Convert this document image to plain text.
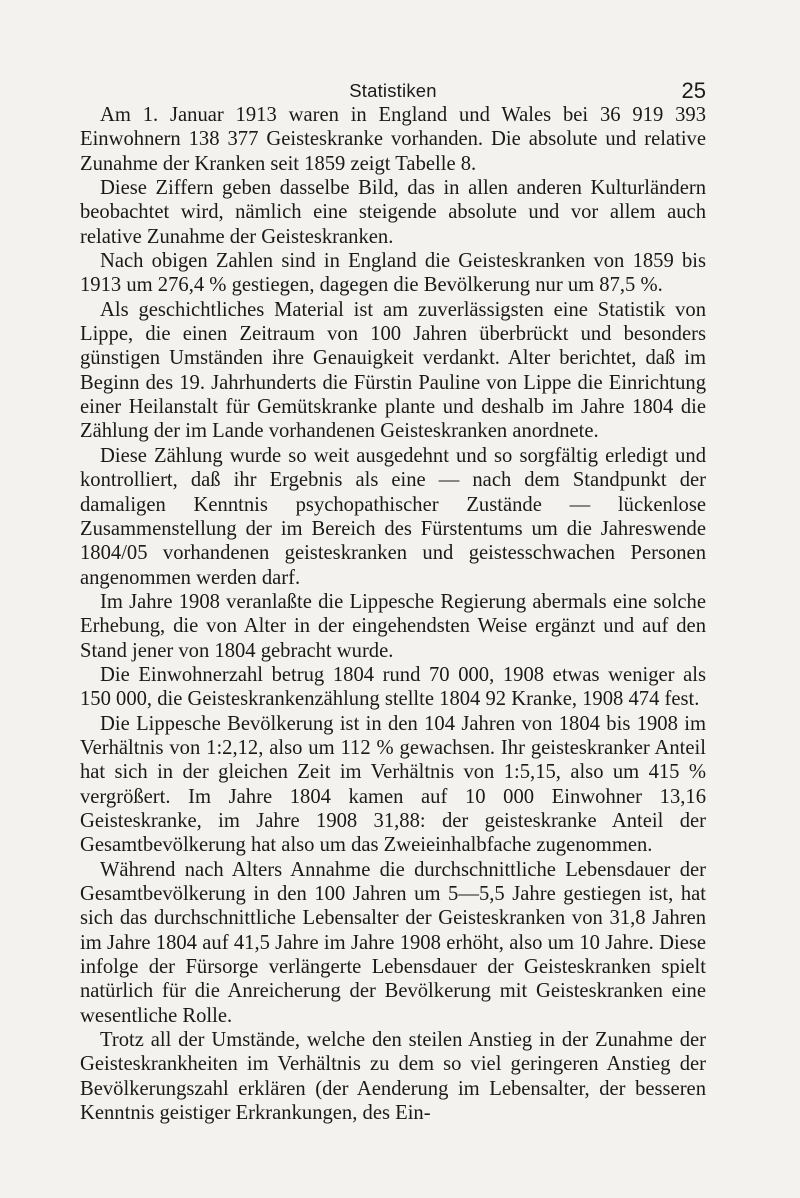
Statistiken	25

Am 1. Januar 1913 waren in England und Wales bei 36 919 393 Einwohnern 138 377 Geisteskranke vorhanden. Die absolute und relative Zunahme der Kranken seit 1859 zeigt Tabelle 8.

Diese Ziffern geben dasselbe Bild, das in allen anderen Kulturländern beobachtet wird, nämlich eine steigende absolute und vor allem auch relative Zunahme der Geisteskranken.

Nach obigen Zahlen sind in England die Geisteskranken von 1859 bis 1913 um 276,4 % gestiegen, dagegen die Bevölkerung nur um 87,5 %.

Als geschichtliches Material ist am zuverlässigsten eine Statistik von Lippe, die einen Zeitraum von 100 Jahren überbrückt und besonders günstigen Umständen ihre Genauigkeit verdankt. Alter berichtet, daß im Beginn des 19. Jahrhunderts die Fürstin Pauline von Lippe die Einrichtung einer Heilanstalt für Gemütskranke plante und deshalb im Jahre 1804 die Zählung der im Lande vorhandenen Geisteskranken anordnete.

Diese Zählung wurde so weit ausgedehnt und so sorgfältig erledigt und kontrolliert, daß ihr Ergebnis als eine — nach dem Standpunkt der damaligen Kenntnis psychopathischer Zustände — lückenlose Zusammenstellung der im Bereich des Fürstentums um die Jahreswende 1804/05 vorhandenen geisteskranken und geistesschwachen Personen angenommen werden darf.

Im Jahre 1908 veranlaßte die Lippesche Regierung abermals eine solche Erhebung, die von Alter in der eingehendsten Weise ergänzt und auf den Stand jener von 1804 gebracht wurde.

Die Einwohnerzahl betrug 1804 rund 70 000, 1908 etwas weniger als 150 000, die Geisteskrankenzählung stellte 1804 92 Kranke, 1908 474 fest.

Die Lippesche Bevölkerung ist in den 104 Jahren von 1804 bis 1908 im Verhältnis von 1:2,12, also um 112 % gewachsen. Ihr geisteskranker Anteil hat sich in der gleichen Zeit im Verhältnis von 1:5,15, also um 415 % vergrößert. Im Jahre 1804 kamen auf 10 000 Einwohner 13,16 Geisteskranke, im Jahre 1908 31,88: der geisteskranke Anteil der Gesamtbevölkerung hat also um das Zweieinhalbfache zugenommen.

Während nach Alters Annahme die durchschnittliche Lebensdauer der Gesamtbevölkerung in den 100 Jahren um 5—5,5 Jahre gestiegen ist, hat sich das durchschnittliche Lebensalter der Geisteskranken von 31,8 Jahren im Jahre 1804 auf 41,5 Jahre im Jahre 1908 erhöht, also um 10 Jahre. Diese infolge der Fürsorge verlängerte Lebensdauer der Geisteskranken spielt natürlich für die Anreicherung der Bevölkerung mit Geisteskranken eine wesentliche Rolle.

Trotz all der Umstände, welche den steilen Anstieg in der Zunahme der Geisteskrankheiten im Verhältnis zu dem so viel geringeren Anstieg der Bevölkerungszahl erklären (der Aenderung im Lebensalter, der besseren Kenntnis geistiger Erkrankungen, des Ein-
